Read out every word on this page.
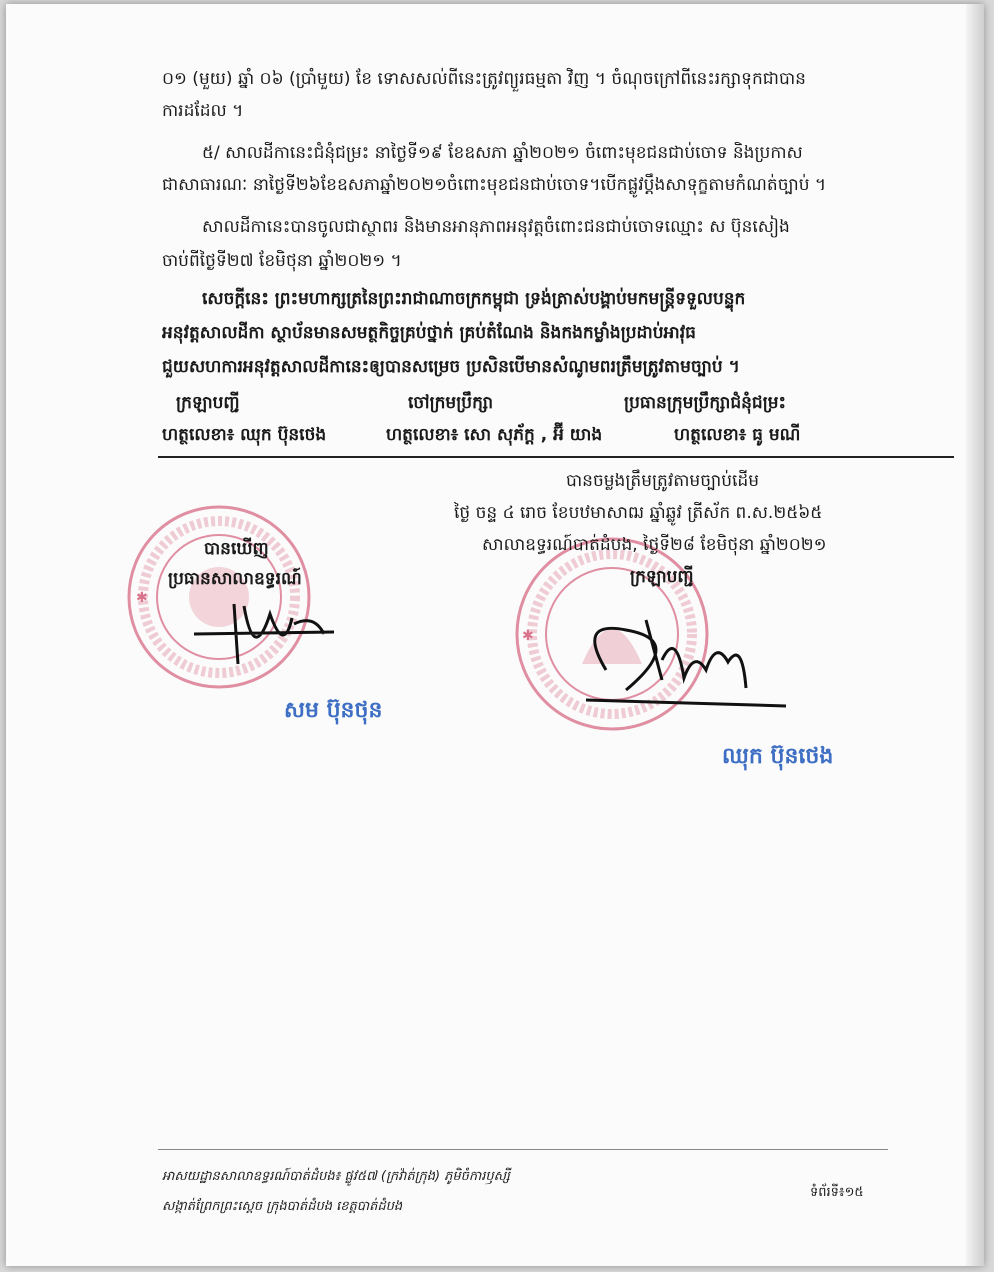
០១ (មួយ) ឆ្នាំ ០៦ (ប្រាំមួយ) ខែ ទោសសល់ពីនេះត្រូវព្យួរធម្មតា វិញ ។ ចំណុចក្រៅពីនេះរក្សាទុកជាបាន
ការដដែល ។
៥/ សាលដីកានេះជំនុំជម្រះ នាថ្ងៃទី១៩ ខែឧសភា ឆ្នាំ២០២១ ចំពោះមុខជនជាប់ចោទ និងប្រកាស
ជាសាធារណៈ នាថ្ងៃទី២៦ខែឧសភាឆ្នាំ២០២១ចំពោះមុខជនជាប់ចោទ។បើកផ្លូវប្តឹងសាទុក្ខតាមកំណត់ច្បាប់ ។
សាលដីកានេះបានចូលជាស្ថាពរ និងមានអានុភាពអនុវត្តចំពោះជនជាប់ចោទឈ្មោះ ស ប៊ុនសៀង
ចាប់ពីថ្ងៃទី២៧ ខែមិថុនា ឆ្នាំ២០២១ ។
សេចក្តីនេះ ព្រះមហាក្សត្រនៃព្រះរាជាណាចក្រកម្ពុជា ទ្រង់ត្រាស់បង្គាប់មកមន្ត្រីទទួលបន្ទុក
អនុវត្តសាលដីកា ស្ថាប័នមានសមត្ថកិច្ចគ្រប់ថ្នាក់ គ្រប់តំណែង និងកងកម្លាំងប្រដាប់អាវុធ
ជួយសហការអនុវត្តសាលដីកានេះឲ្យបានសម្រេច ប្រសិនបើមានសំណូមពរត្រឹមត្រូវតាមច្បាប់ ។
ក្រឡាបញ្ជី	ចៅក្រមប្រឹក្សា	ប្រធានក្រុមប្រឹក្សាជំនុំជម្រះ
ហត្ថលេខា៖ ឈុក ប៊ុនថេង	ហត្ថលេខា៖ សោ សុភ័ក្ត , អ៊ី យាង	ហត្ថលេខា៖ ធូ មណី
✱
✱
បានចម្លងត្រឹមត្រូវតាមច្បាប់ដើម
ថ្ងៃ ចន្ទ ៤ រោច ខែបឋមាសាឍ ឆ្នាំឆ្លូវ ត្រីស័ក ព.ស.២៥៦៥
សាលាឧទ្ធរណ៍បាត់ដំបង, ថ្ងៃទី២៨ ខែមិថុនា ឆ្នាំ២០២១
ក្រឡាបញ្ជី
បានឃើញ
ប្រធានសាលាឧទ្ធរណ៍
សម ប៊ុនថុន
ឈុក ប៊ុនថេង
អាសយដ្ឋានសាលាឧទ្ធរណ៍បាត់ដំបង៖ ផ្លូវ៥៧ (ក្រវ៉ាត់ក្រុង) ភូមិចំការឫស្សី
សង្កាត់ព្រែកព្រះស្តេច ក្រុងបាត់ដំបង ខេត្តបាត់ដំបង
ទំព័រទី៖១៥
